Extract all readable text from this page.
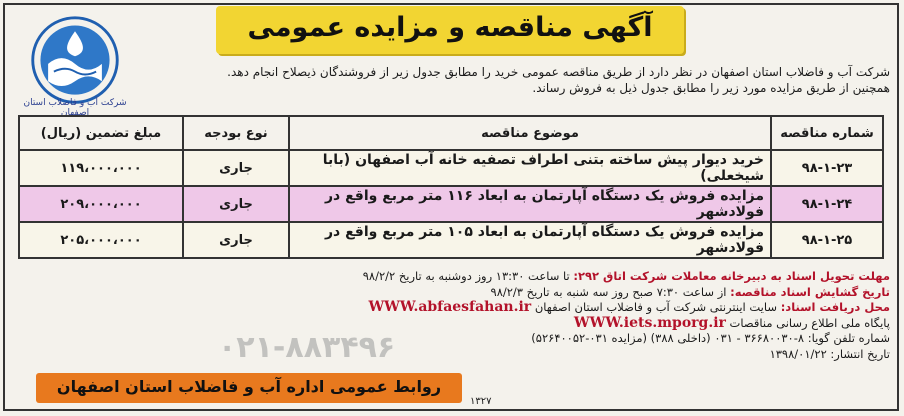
آگهی مناقصه و مزایده عمومی
شرکت آب و فاضلاب استان اصفهان

شرکت آب و فاضلاب استان اصفهان در نظر دارد از طریق مناقصه عمومی خرید را مطابق جدول زیر از فروشندگان ذیصلاح انجام دهد.

همچنین از طریق مزایده مورد زیر را مطابق جدول ذیل به فروش رساند.

شماره مناقصه	موضوع مناقصه	نوع بودجه	مبلغ تضمین (ریال)
۹۸-۱-۲۳	خرید دیوار پیش ساخته بتنی اطراف تصفیه خانه آب اصفهان (بابا شیخعلی)	جاری	۱۱۹،۰۰۰،۰۰۰
۹۸-۱-۲۴	مزایده فروش یک دستگاه آپارتمان به ابعاد ۱۱۶ متر مربع واقع در فولادشهر	جاری	۲۰۹،۰۰۰،۰۰۰
۹۸-۱-۲۵	مزایده فروش یک دستگاه آپارتمان به ابعاد ۱۰۵ متر مربع واقع در فولادشهر	جاری	۲۰۵،۰۰۰،۰۰۰
۰۲۱-۸۸۳۴۹۶
مهلت تحویل اسناد به دبیرخانه معاملات شرکت اتاق ۲۹۲: تا ساعت ۱۳:۳۰ روز دوشنبه به تاریخ ۹۸/۲/۲
تاریخ گشایش اسناد مناقصه: از ساعت ۷:۳۰ صبح روز سه شنبه به تاریخ ۹۸/۲/۳
محل دریافت اسناد: سایت اینترنتی شرکت آب و فاضلاب استان اصفهان WWW.abfaesfahan.ir
پایگاه ملی اطلاع رسانی مناقصات WWW.iets.mporg.ir
شماره تلفن گویا: ۸-۳۶۶۸۰۰۳۰ - ۰۳۱ (داخلی ۳۸۸) (مزایده ۰۳۱-۵۲۶۴۰۰۵۲)
تاریخ انتشار: ۱۳۹۸/۰۱/۲۲
روابط عمومی اداره آب و فاضلاب استان اصفهان
۱۳۲۷
